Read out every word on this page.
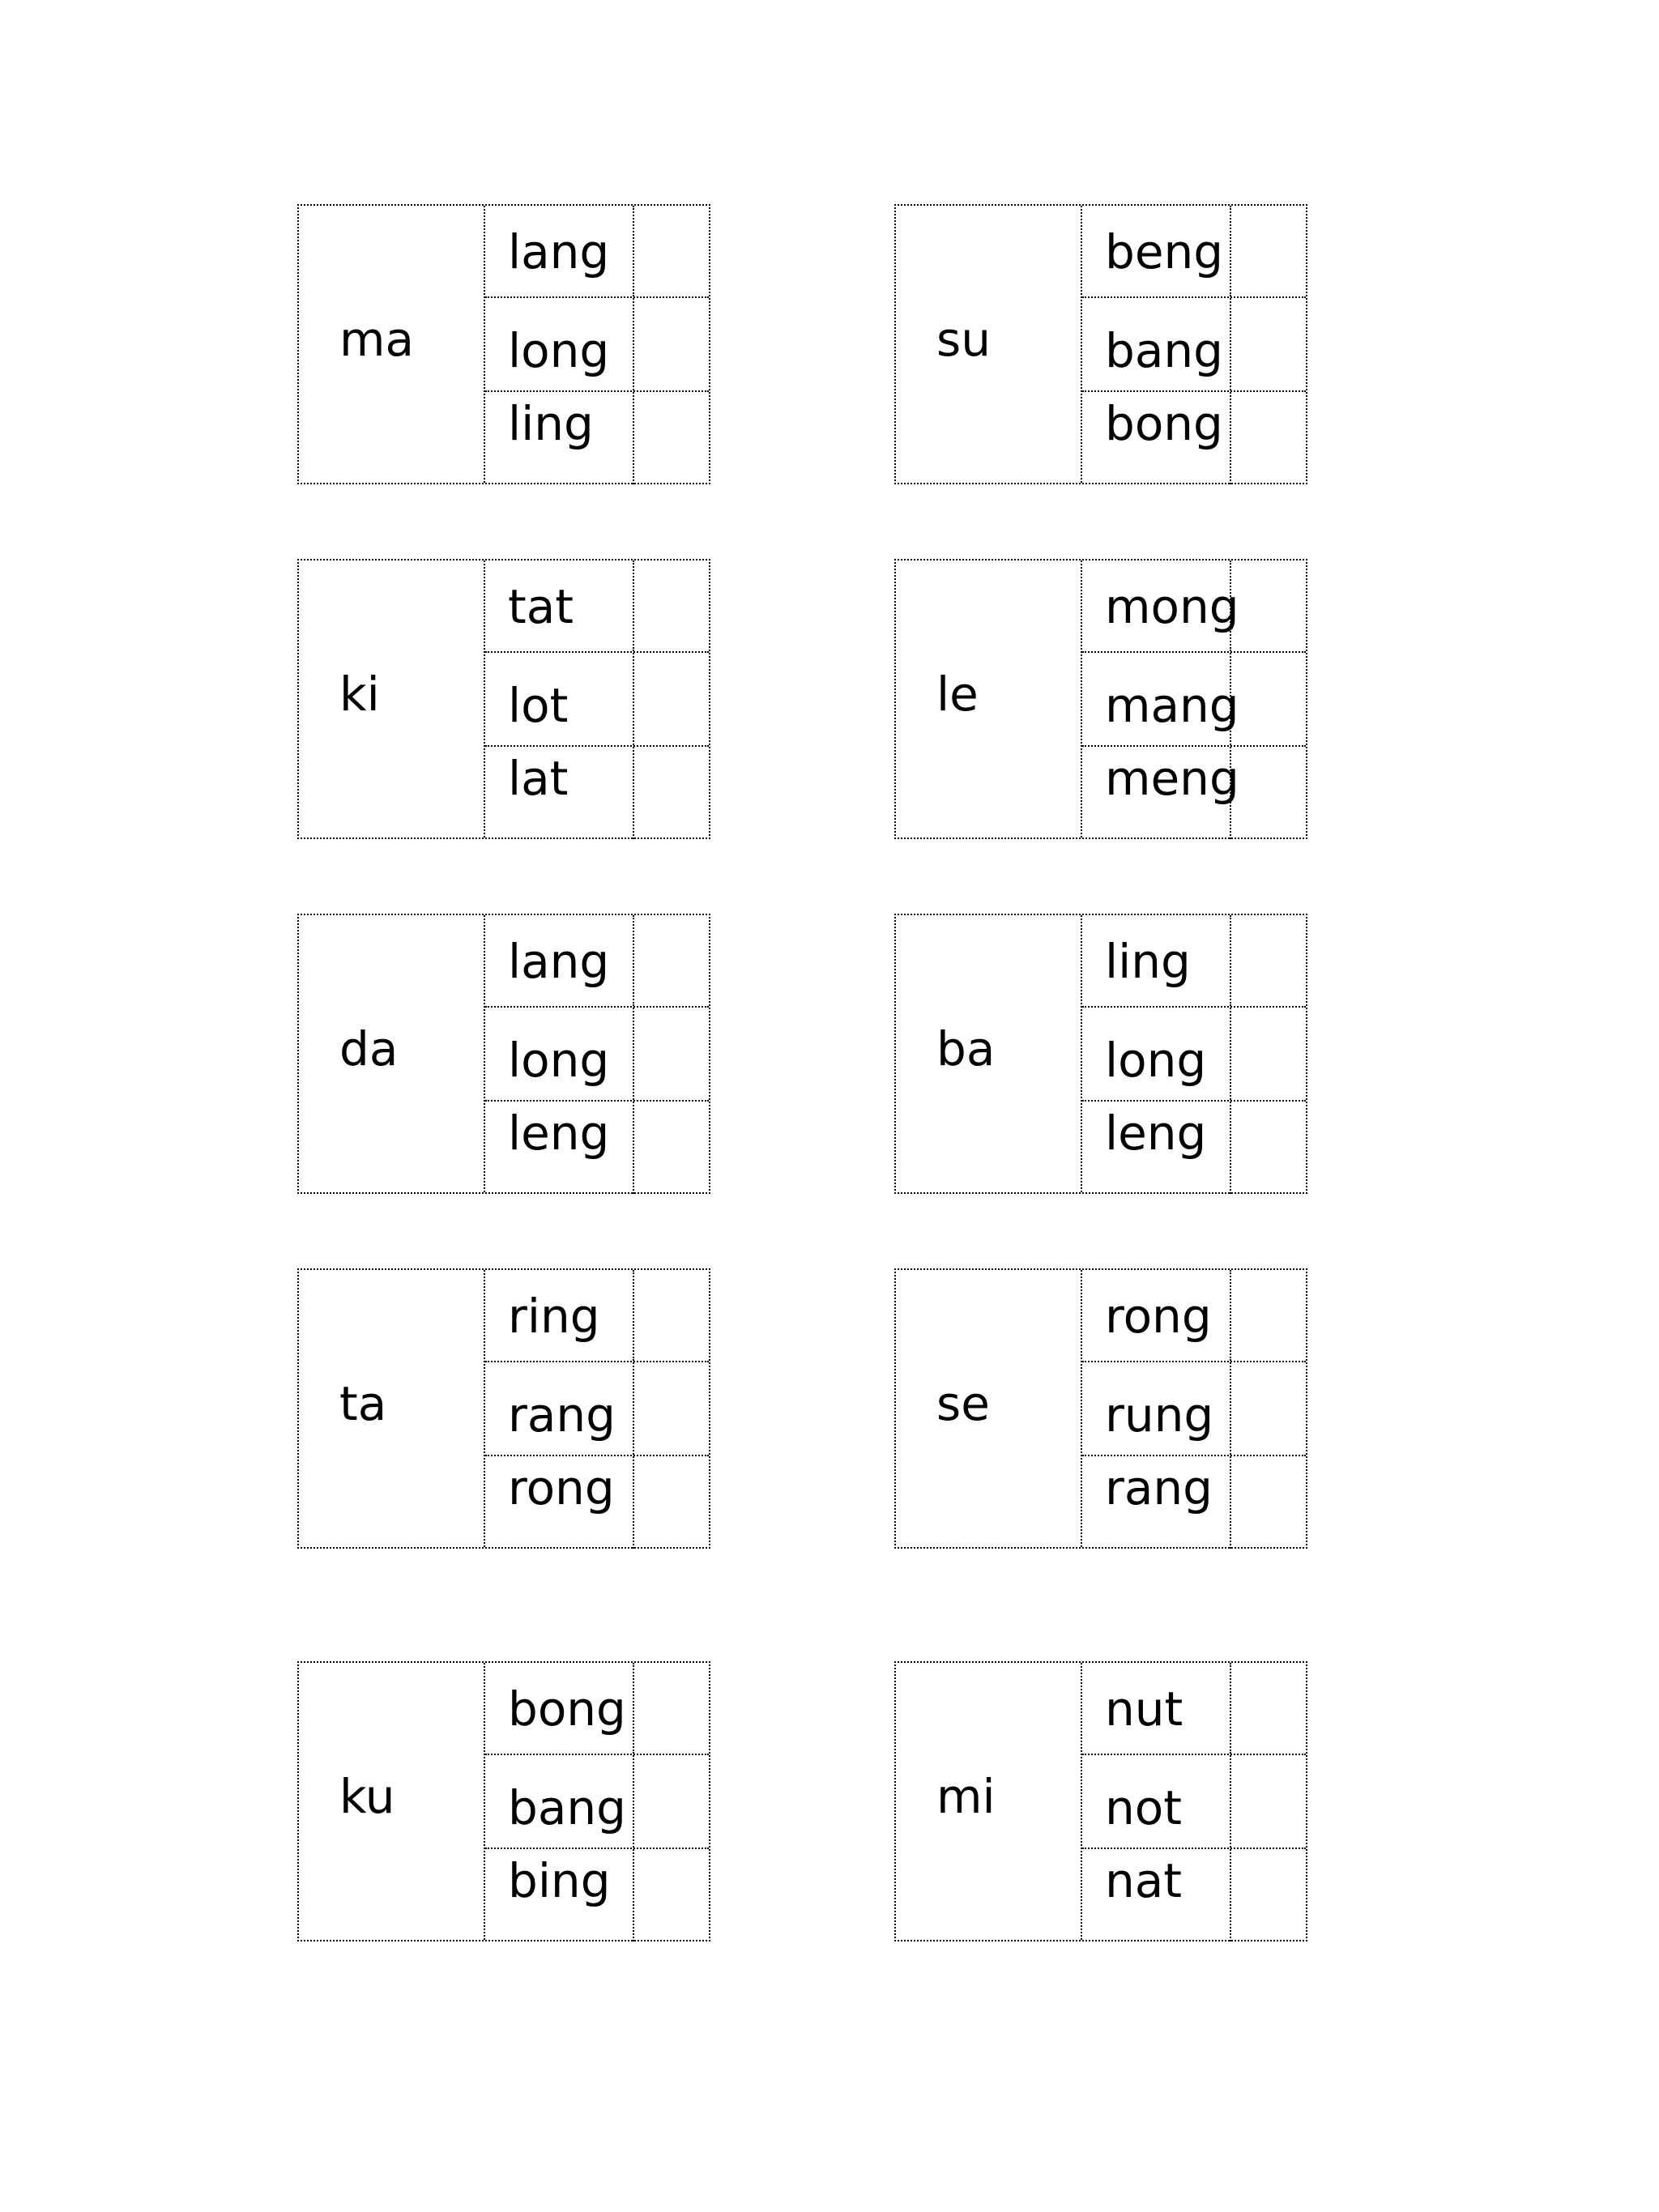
ma
lang
long
ling
su
beng
bang
bong
ki
tat
lot
lat
le
mong
mang
meng
da
lang
long
leng
ba
ling
long
leng
ta
ring
rang
rong
se
rong
rung
rang
ku
bong
bang
bing
mi
nut
not
nat
